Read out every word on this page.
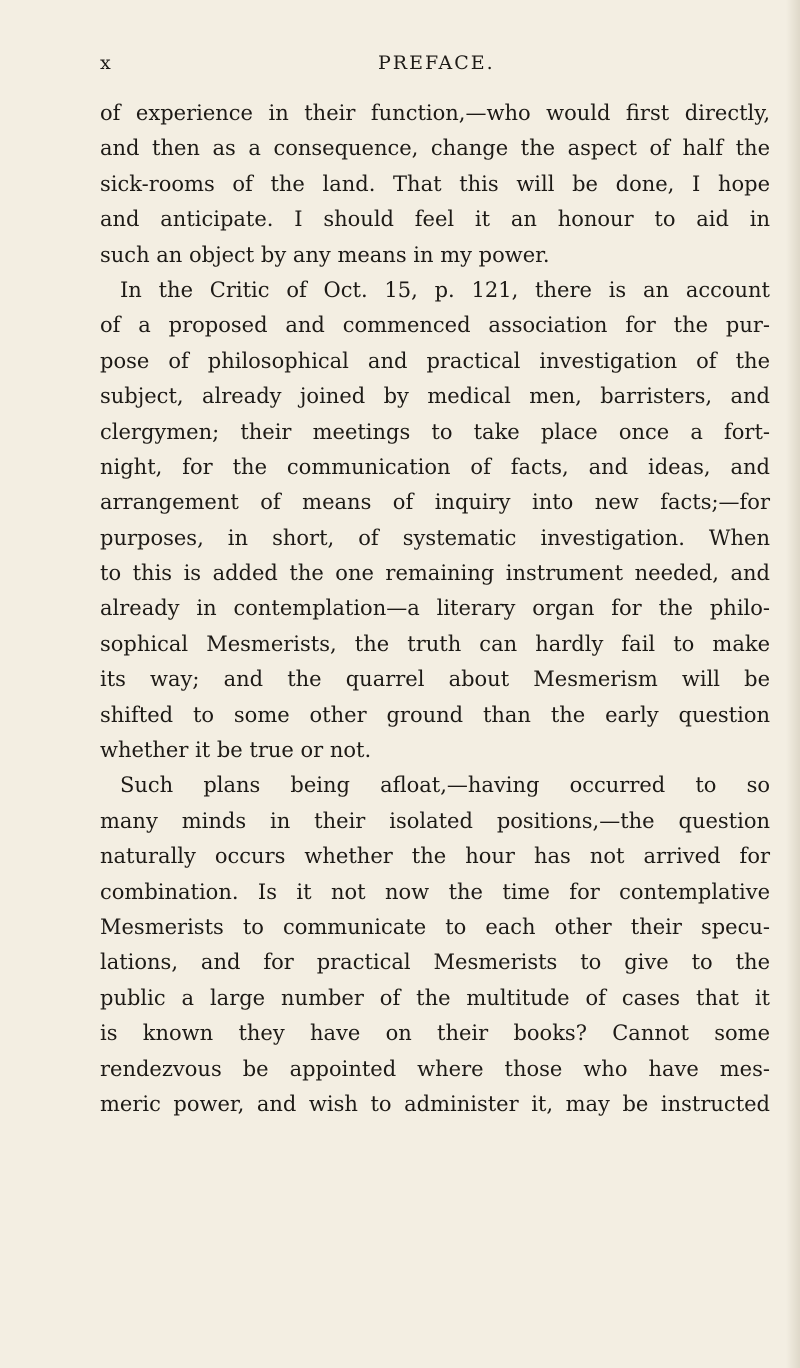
x	PREFACE.
of experience in their function,—who would first directly,
and then as a consequence, change the aspect of half the
sick-rooms of the land. That this will be done, I hope
and anticipate. I should feel it an honour to aid in
such an object by any means in my power.
In the Critic of Oct. 15, p. 121, there is an account
of a proposed and commenced association for the pur-
pose of philosophical and practical investigation of the
subject, already joined by medical men, barristers, and
clergymen; their meetings to take place once a fort-
night, for the communication of facts, and ideas, and
arrangement of means of inquiry into new facts;—for
purposes, in short, of systematic investigation. When
to this is added the one remaining instrument needed, and
already in contemplation—a literary organ for the philo-
sophical Mesmerists, the truth can hardly fail to make
its way; and the quarrel about Mesmerism will be
shifted to some other ground than the early question
whether it be true or not.
Such plans being afloat,—having occurred to so
many minds in their isolated positions,—the question
naturally occurs whether the hour has not arrived for
combination. Is it not now the time for contemplative
Mesmerists to communicate to each other their specu-
lations, and for practical Mesmerists to give to the
public a large number of the multitude of cases that it
is known they have on their books? Cannot some
rendezvous be appointed where those who have mes-
meric power, and wish to administer it, may be instructed
